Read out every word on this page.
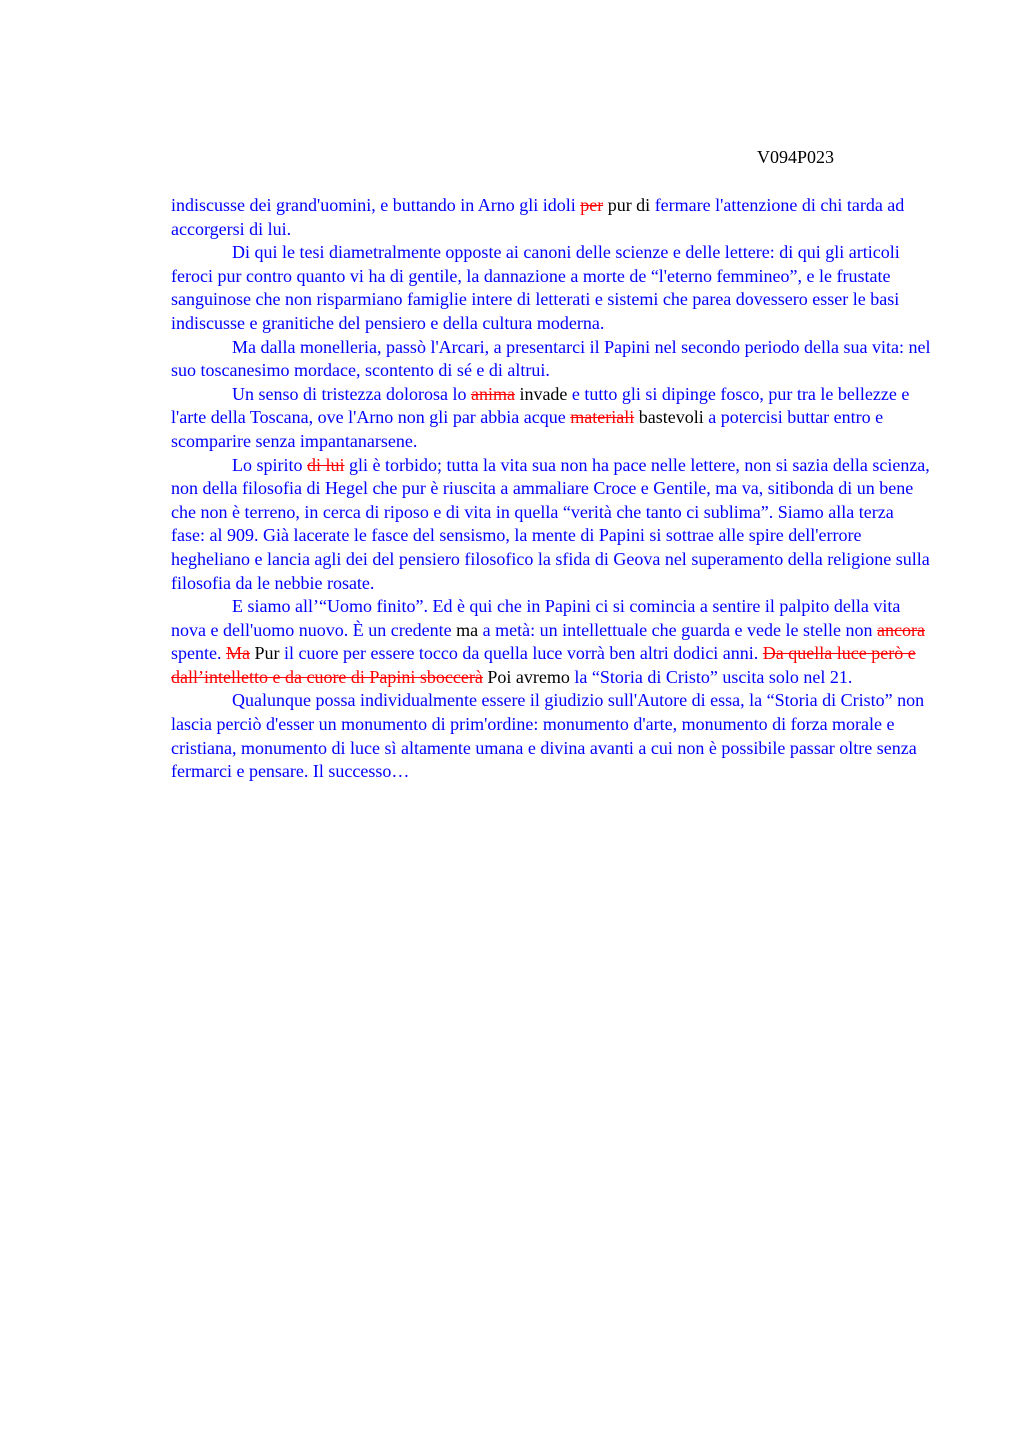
V094P023

indiscusse dei grand'uomini, e buttando in Arno gli idoli per pur di fermare l'attenzione di chi tarda ad accorgersi di lui.

Di qui le tesi diametralmente opposte ai canoni delle scienze e delle lettere: di qui gli articoli feroci pur contro quanto vi ha di gentile, la dannazione a morte de “l'eterno femmineo”, e le frustate sanguinose che non risparmiano famiglie intere di letterati e sistemi che parea dovessero esser le basi indiscusse e granitiche del pensiero e della cultura moderna.

Ma dalla monelleria, passò l'Arcari, a presentarci il Papini nel secondo periodo della sua vita: nel suo toscanesimo mordace, scontento di sé e di altrui.

Un senso di tristezza dolorosa lo anima invade e tutto gli si dipinge fosco, pur tra le bellezze e l'arte della Toscana, ove l'Arno non gli par abbia acque materiali bastevoli a potercisi buttar entro e scomparire senza impantanarsene.

Lo spirito di lui gli è torbido; tutta la vita sua non ha pace nelle lettere, non si sazia della scienza, non della filosofia di Hegel che pur è riuscita a ammaliare Croce e Gentile, ma va, sitibonda di un bene che non è terreno, in cerca di riposo e di vita in quella “verità che tanto ci sublima”. Siamo alla terza fase: al 909. Già lacerate le fasce del sensismo, la mente di Papini si sottrae alle spire dell'errore hegheliano e lancia agli dei del pensiero filosofico la sfida di Geova nel superamento della religione sulla filosofia da le nebbie rosate.

E siamo all’“Uomo finito”. Ed è qui che in Papini ci si comincia a sentire il palpito della vita nova e dell'uomo nuovo. È un credente ma a metà: un intellettuale che guarda e vede le stelle non ancora spente. Ma Pur il cuore per essere tocco da quella luce vorrà ben altri dodici anni. Da quella luce però e dall’intelletto e da cuore di Papini sboccerà Poi avremo la “Storia di Cristo” uscita solo nel 21.

Qualunque possa individualmente essere il giudizio sull'Autore di essa, la “Storia di Cristo” non lascia perciò d'esser un monumento di prim'ordine: monumento d'arte, monumento di forza morale e cristiana, monumento di luce sì altamente umana e divina avanti a cui non è possibile passar oltre senza fermarci e pensare. Il successo…
